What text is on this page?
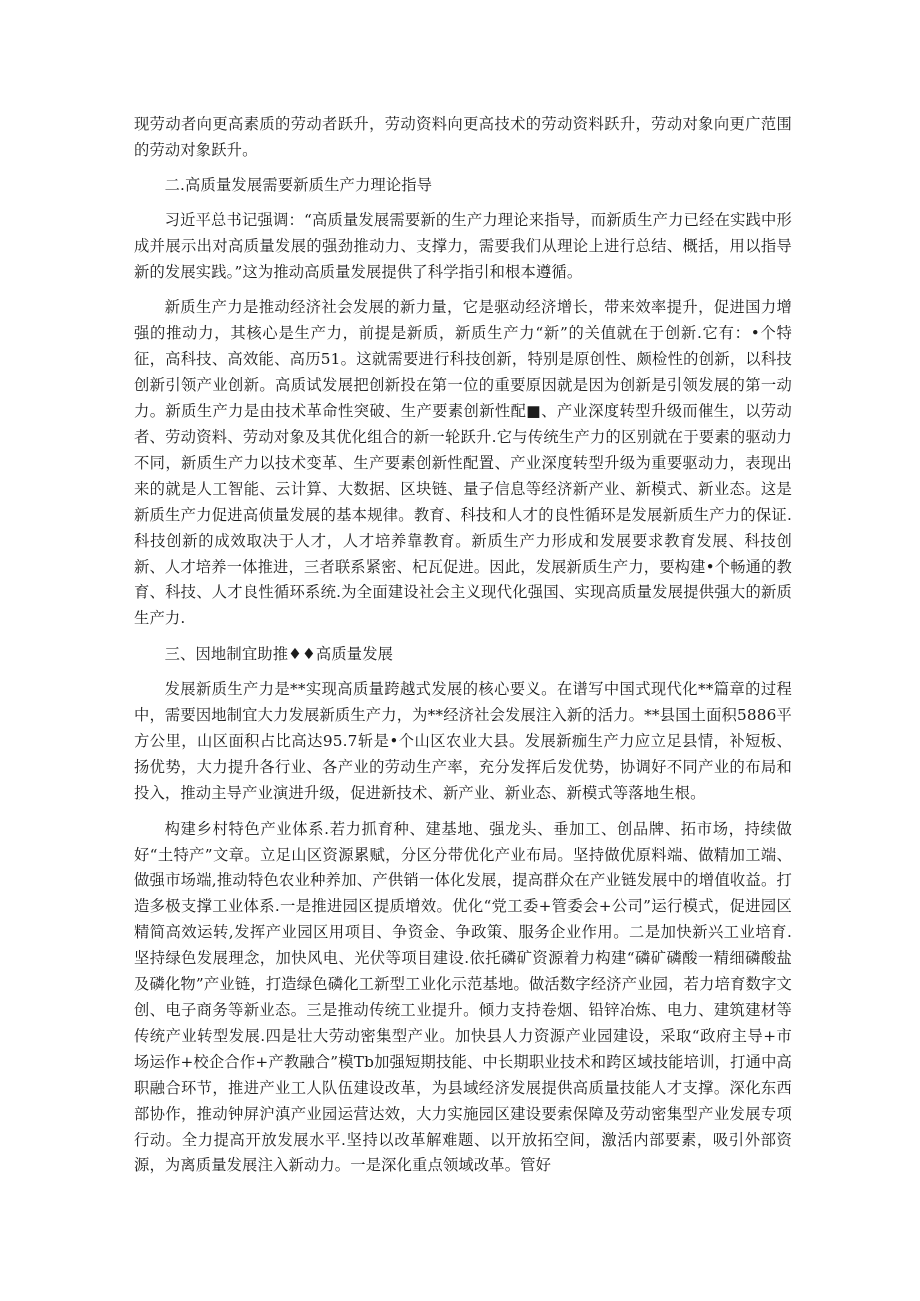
现劳动者向更高素质的劳动者跃升，劳动资料向更高技术的劳动资料跃升，劳动对象向更广范围的劳动对象跃升。

二.高质量发展需要新质生产力理论指导

习近平总书记强调：“高质量发展需要新的生产力理论来指导，而新质生产力已经在实践中形成并展示出对高质量发展的强劲推动力、支撑力，需要我们从理论上进行总结、概括，用以指导新的发展实践。”这为推动高质量发展提供了科学指引和根本遵循。

新质生产力是推动经济社会发展的新力量，它是驱动经济增长，带来效率提升，促进国力增强的推动力，其核心是生产力，前提是新质，新质生产力“新”的关值就在于创新.它有：•个特征，高科技、高效能、高历51。这就需要进行科技创新，特别是原创性、颇检性的创新，以科技创新引领产业创新。高质试发展把创新投在第一位的重要原因就是因为创新是引领发展的第一动力。新质生产力是由技术革命性突破、生产要素创新性配■、产业深度转型升级而催生，以劳动者、劳动资料、劳动对象及其优化组合的新一轮跃升.它与传统生产力的区别就在于要素的驱动力不同，新质生产力以技术变革、生产要素创新性配置、产业深度转型升级为重要驱动力，表现出来的就是人工智能、云计算、大数据、区块链、量子信息等经济新产业、新模式、新业态。这是新质生产力促进高侦量发展的基本规律。教育、科技和人才的良性循环是发展新质生产力的保证.科技创新的成效取决于人才，人才培养靠教育。新质生产力形成和发展要求教育发展、科技创新、人才培养一体推进，三者联系紧密、杞瓦促进。因此，发展新质生产力，要构建•个畅通的教育、科技、人才良性循环系统.为全面建设社会主义现代化强国、实现高质量发展提供强大的新质生产力.

三、因地制宜助推♦♦高质量发展

发展新质生产力是**实现高质量跨越式发展的核心要义。在谱写中国式现代化**篇章的过程中，需要因地制宜大力发展新质生产力，为**经济社会发展注入新的活力。**县国土面积5886平方公里，山区面积占比高达95.7斩是•个山区农业大县。发展新痂生产力应立足县情，补短板、扬优势，大力提升各行业、各产业的劳动生产率，充分发挥后发优势，协调好不同产业的布局和投入，推动主导产业演进升级，促进新技术、新产业、新业态、新模式等落地生根。

构建乡村特色产业体系.若力抓育种、建基地、强龙头、垂加工、创品牌、拓市场，持续做好“土特产”文章。立足山区资源累赋，分区分带优化产业布局。坚持做优原料端、做精加工端、做强市场端,推动特色农业种养加、产供销一体化发展，提高群众在产业链发展中的增值收益。打造多极支撑工业体系.一是推进园区提质增效。优化“党工委+管委会+公司”运行模式，促进园区精简高效运转,发挥产业园区用项目、争资金、争政策、服务企业作用。二是加快新兴工业培育.坚持绿色发展理念，加快风电、光伏等项目建设.依托磷矿资源着力构建“磷矿磷酸一精细磷酸盐及磷化物”产业链，打造绿色磷化工新型工业化示范基地。做活数字经济产业园，若力培育数字文创、电子商务等新业态。三是推动传统工业提升。倾力支持卷烟、铅锌冶炼、电力、建筑建材等传统产业转型发展.四是壮大劳动密集型产业。加快县人力资源产业园建设，采取“政府主导+市场运作+校企合作+产教融合”模Tb加强短期技能、中长期职业技术和跨区域技能培训，打通中高职融合环节，推进产业工人队伍建设改革，为县域经济发展提供高质量技能人才支撑。深化东西部协作，推动钟屏沪滇产业园运营达效，大力实施园区建设要索保障及劳动密集型产业发展专项行动。全力提高开放发展水平.坚持以改革解难题、以开放拓空间，激活内部要素，吸引外部资源，为离质量发展注入新动力。一是深化重点领域改革。管好
